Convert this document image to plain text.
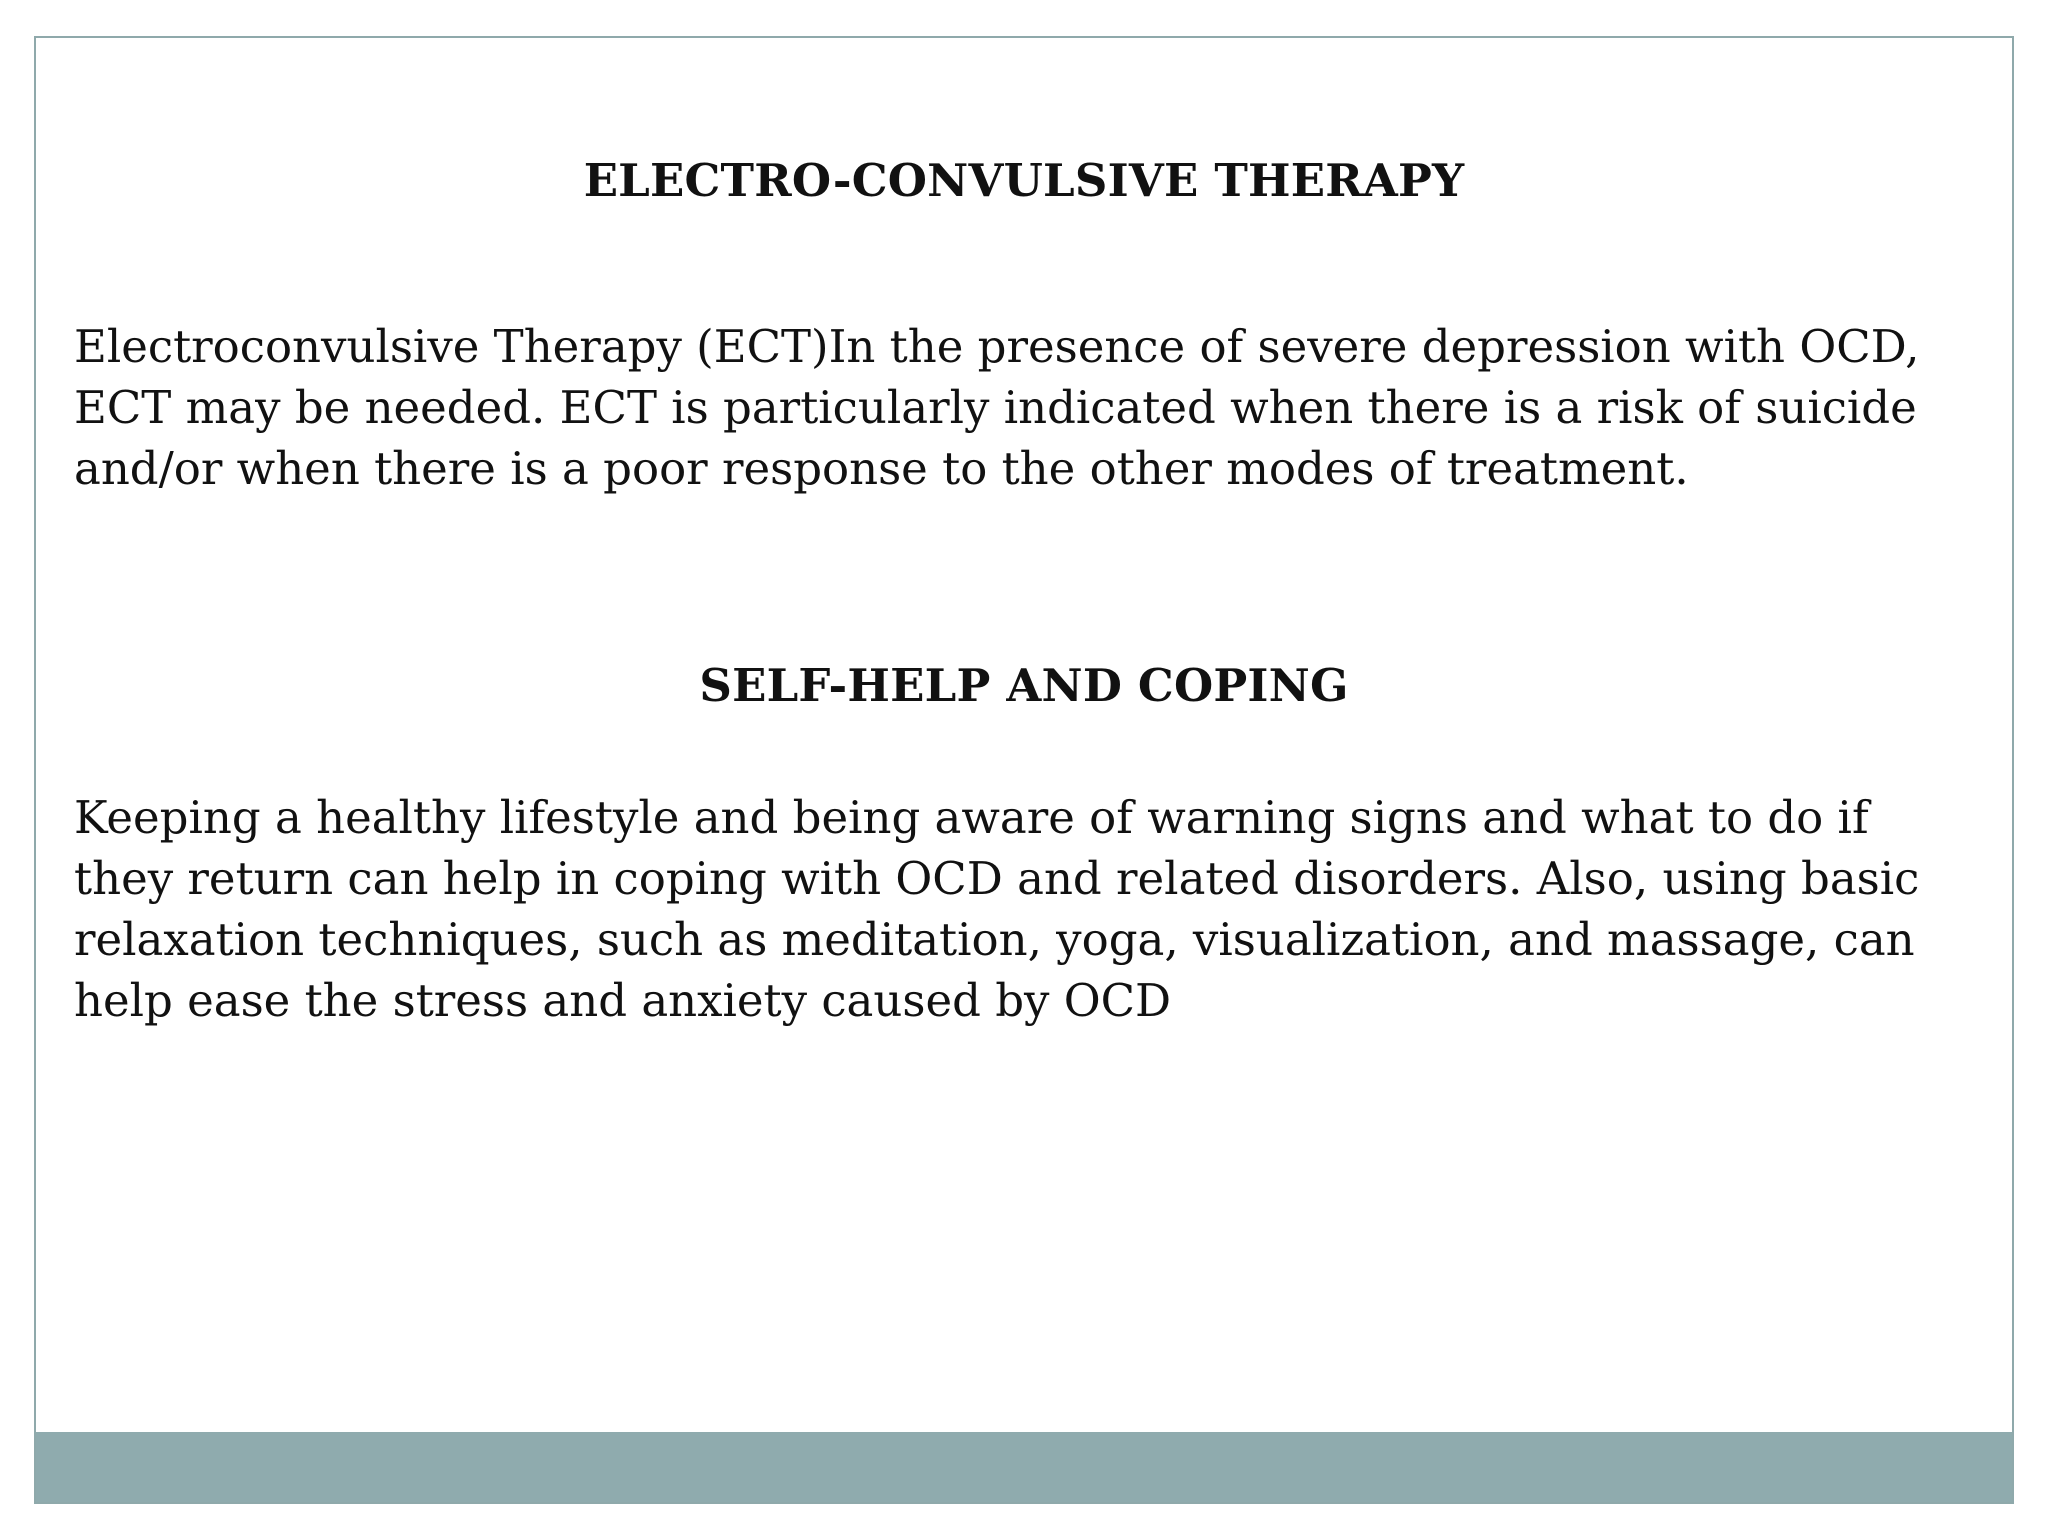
ELECTRO-CONVULSIVE THERAPY

Electroconvulsive Therapy (ECT)In the presence of severe depression with OCD, ECT may be needed. ECT is particularly indicated when there is a risk of suicide and/or when there is a poor response to the other modes of treatment.

SELF-HELP AND COPING

Keeping a healthy lifestyle and being aware of warning signs and what to do if they return can help in coping with OCD and related disorders. Also, using basic relaxation techniques, such as meditation, yoga, visualization, and massage, can help ease the stress and anxiety caused by OCD
